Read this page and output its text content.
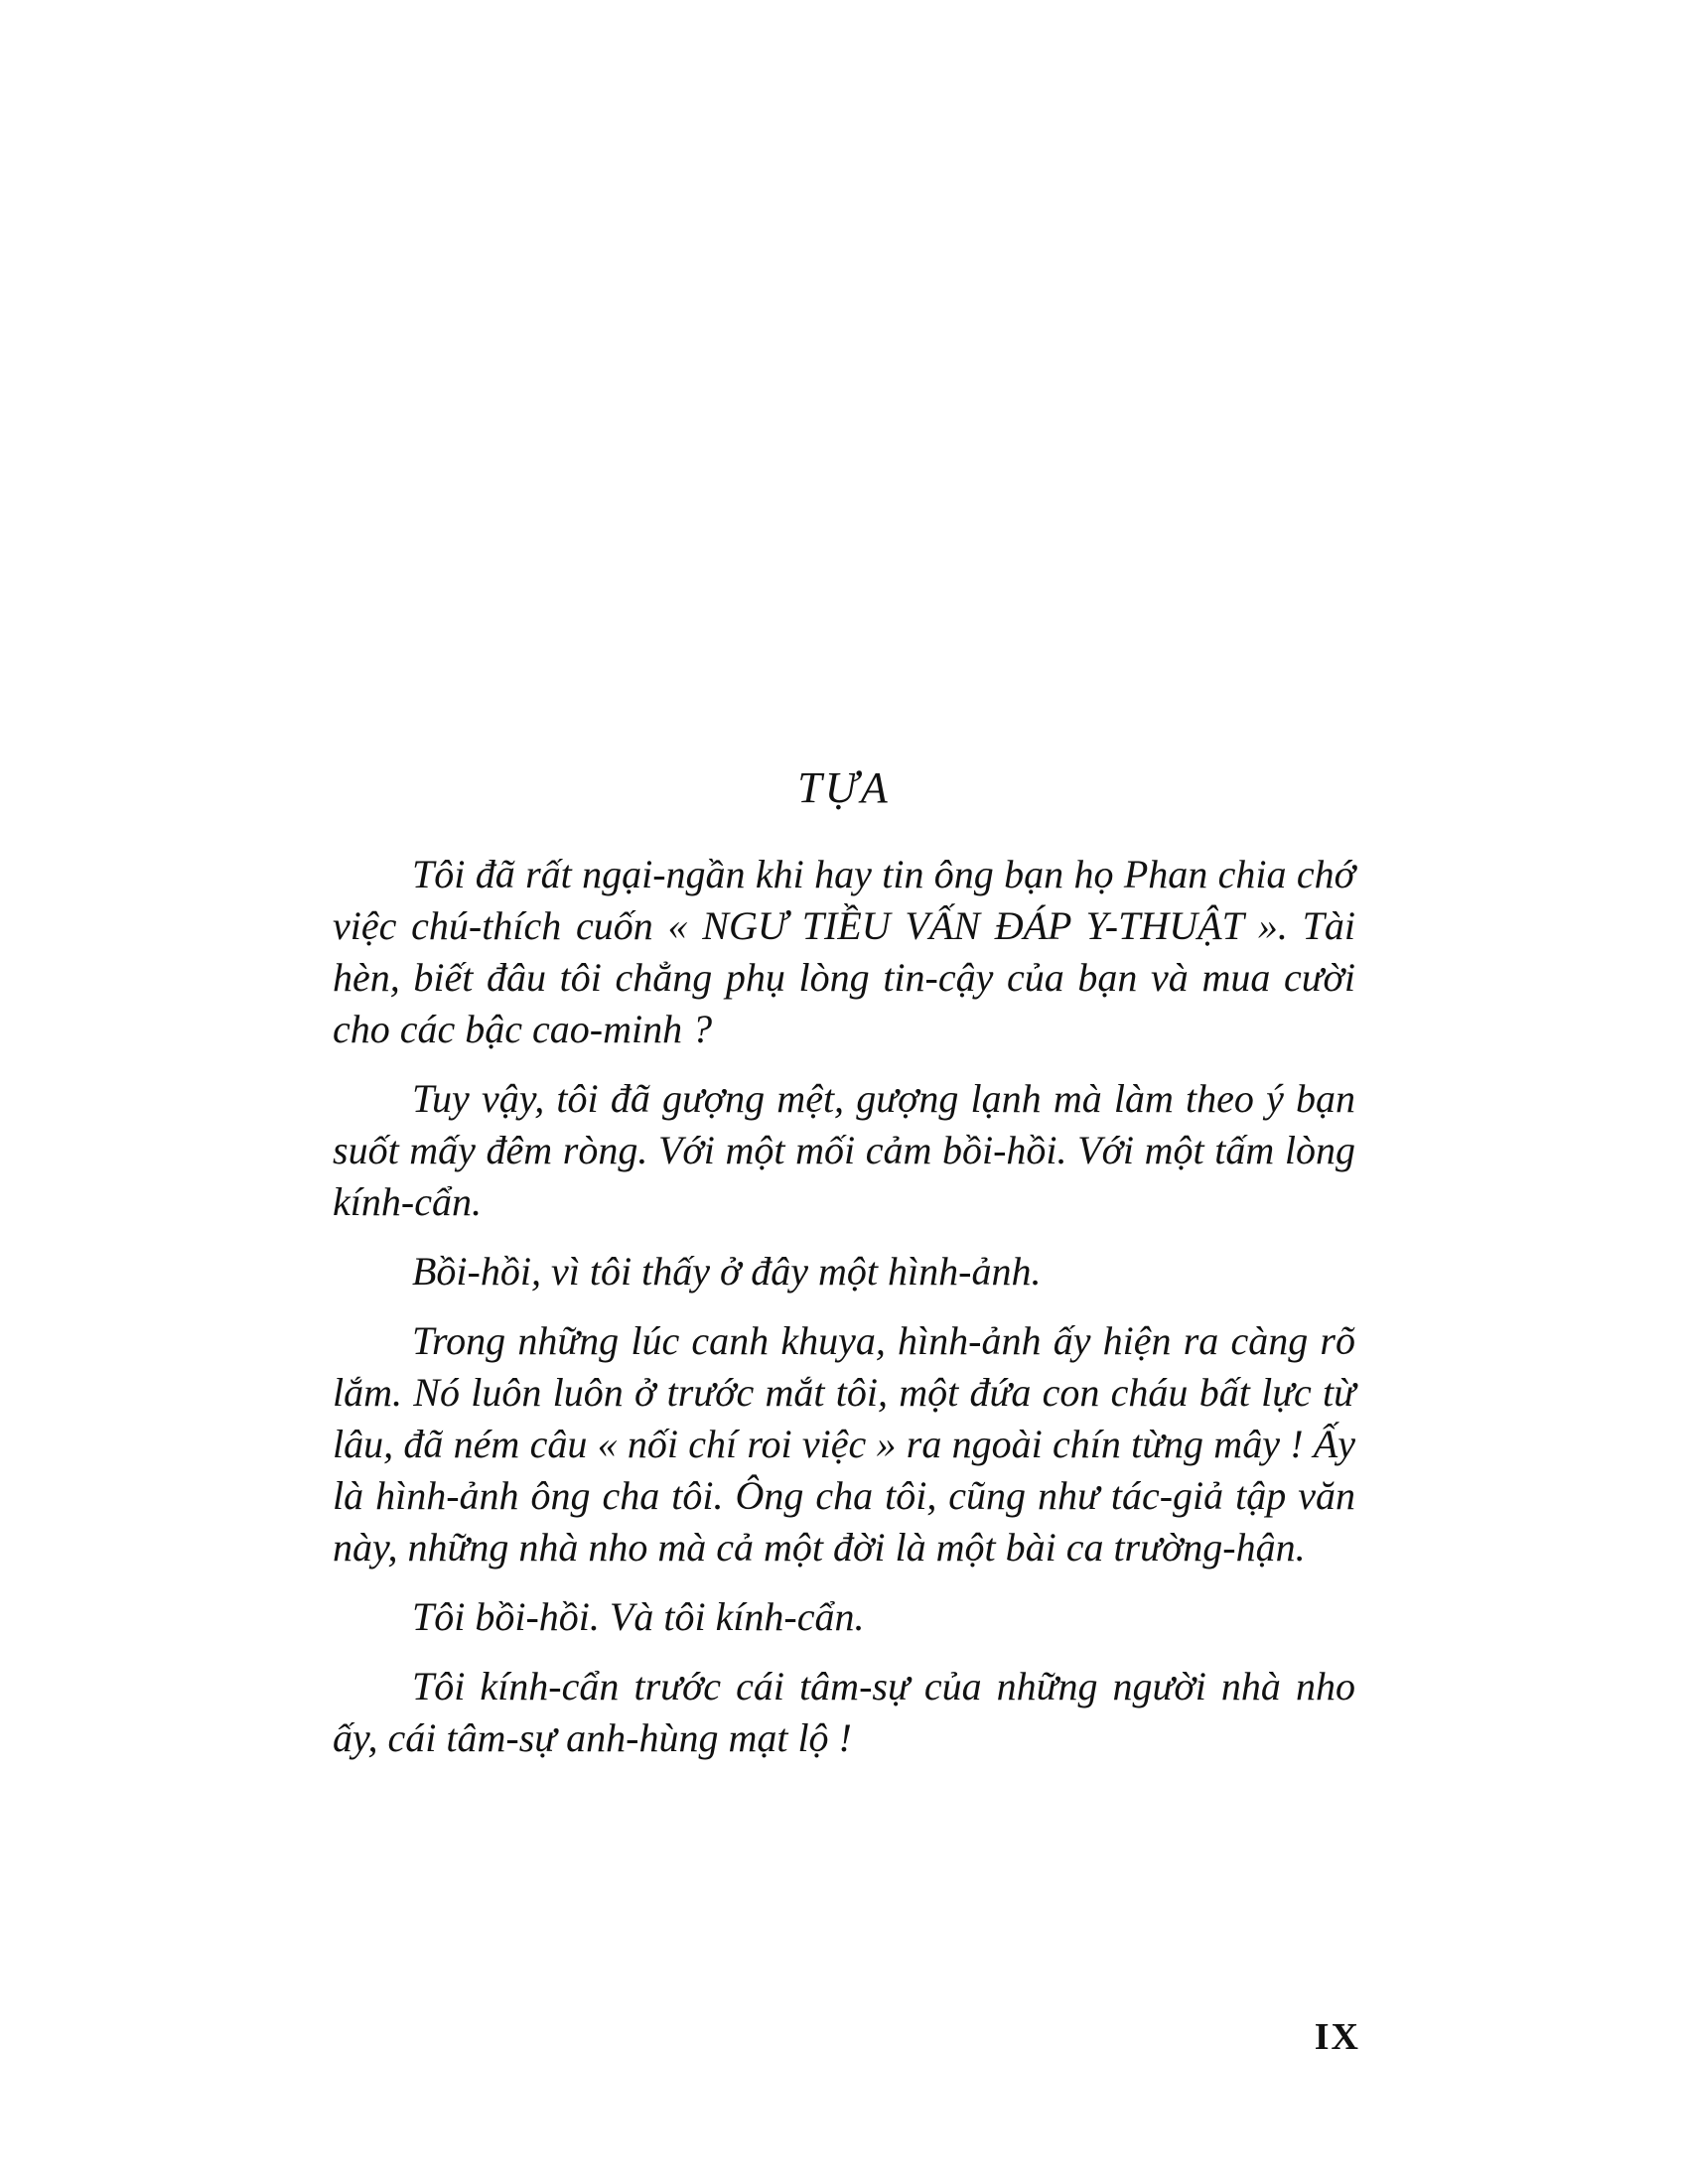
TỰA

Tôi đã rất ngại-ngần khi hay tin ông bạn họ Phan chia chớ việc chú-thích cuốn « NGƯ TIỀU VẤN ĐÁP Y-THUẬT ». Tài hèn, biết đâu tôi chẳng phụ lòng tin-cậy của bạn và mua cười cho các bậc cao-minh ?

Tuy vậy, tôi đã gượng mệt, gượng lạnh mà làm theo ý bạn suốt mấy đêm ròng. Với một mối cảm bồi-hồi. Với một tấm lòng kính-cẩn.

Bồi-hồi, vì tôi thấy ở đây một hình-ảnh.

Trong những lúc canh khuya, hình-ảnh ấy hiện ra càng rõ lắm. Nó luôn luôn ở trước mắt tôi, một đứa con cháu bất lực từ lâu, đã ném câu « nối chí roi việc » ra ngoài chín từng mây ! Ấy là hình-ảnh ông cha tôi. Ông cha tôi, cũng như tác-giả tập văn này, những nhà nho mà cả một đời là một bài ca trường-hận.

Tôi bồi-hồi. Và tôi kính-cẩn.

Tôi kính-cẩn trước cái tâm-sự của những người nhà nho ấy, cái tâm-sự anh-hùng mạt lộ !

IX
